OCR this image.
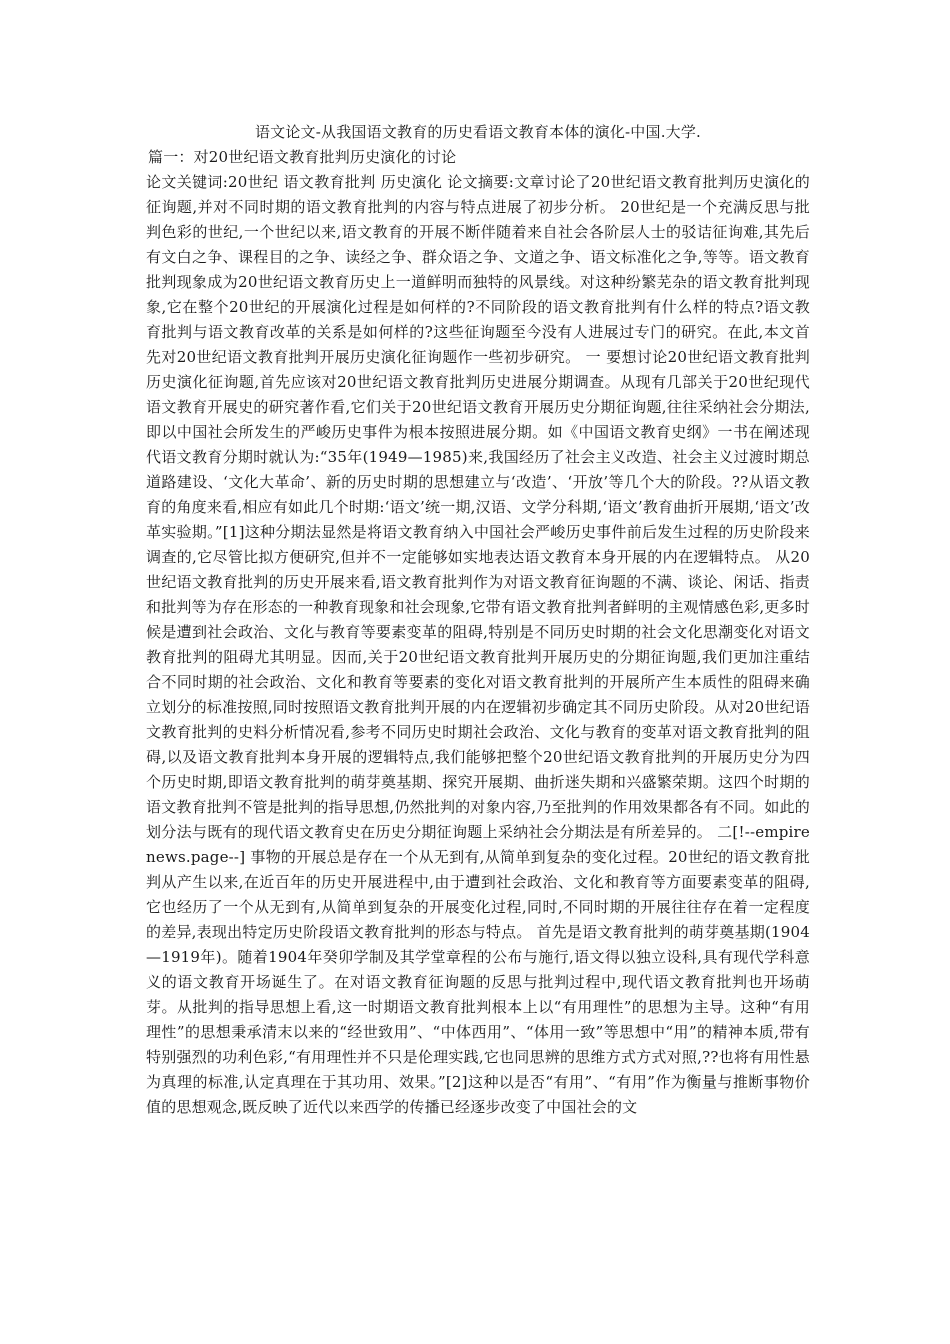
语文论文-从我国语文教育的历史看语文教育本体的演化-中国.大学.

篇一：对20世纪语文教育批判历史演化的讨论

论文关键词:20世纪 语文教育批判 历史演化 论文摘要:文章讨论了20世纪语文教育批判历史演化的征询题,并对不同时期的语文教育批判的内容与特点进展了初步分析。 20世纪是一个充满反思与批判色彩的世纪,一个世纪以来,语文教育的开展不断伴随着来自社会各阶层人士的驳诘征询难,其先后有文白之争、课程目的之争、读经之争、群众语之争、文道之争、语文标准化之争,等等。语文教育批判现象成为20世纪语文教育历史上一道鲜明而独特的风景线。对这种纷繁芜杂的语文教育批判现象,它在整个20世纪的开展演化过程是如何样的?不同阶段的语文教育批判有什么样的特点?语文教育批判与语文教育改革的关系是如何样的?这些征询题至今没有人进展过专门的研究。在此,本文首先对20世纪语文教育批判开展历史演化征询题作一些初步研究。 一 要想讨论20世纪语文教育批判历史演化征询题,首先应该对20世纪语文教育批判历史进展分期调查。从现有几部关于20世纪现代语文教育开展史的研究著作看,它们关于20世纪语文教育开展历史分期征询题,往往采纳社会分期法,即以中国社会所发生的严峻历史事件为根本按照进展分期。如《中国语文教育史纲》一书在阐述现代语文教育分期时就认为:“35年(1949—1985)来,我国经历了社会主义改造、社会主义过渡时期总道路建设、‘文化大革命’、新的历史时期的思想建立与‘改造’、‘开放’等几个大的阶段。??从语文教育的角度来看,相应有如此几个时期:‘语文’统一期,汉语、文学分科期,‘语文’教育曲折开展期,‘语文’改革实验期。”[1]这种分期法显然是将语文教育纳入中国社会严峻历史事件前后发生过程的历史阶段来调查的,它尽管比拟方便研究,但并不一定能够如实地表达语文教育本身开展的内在逻辑特点。 从20世纪语文教育批判的历史开展来看,语文教育批判作为对语文教育征询题的不满、谈论、闲话、指责和批判等为存在形态的一种教育现象和社会现象,它带有语文教育批判者鲜明的主观情感色彩,更多时候是遭到社会政治、文化与教育等要素变革的阻碍,特别是不同历史时期的社会文化思潮变化对语文教育批判的阻碍尤其明显。因而,关于20世纪语文教育批判开展历史的分期征询题,我们更加注重结合不同时期的社会政治、文化和教育等要素的变化对语文教育批判的开展所产生本质性的阻碍来确立划分的标准按照,同时按照语文教育批判开展的内在逻辑初步确定其不同历史阶段。从对20世纪语文教育批判的史料分析情况看,参考不同历史时期社会政治、文化与教育的变革对语文教育批判的阻碍,以及语文教育批判本身开展的逻辑特点,我们能够把整个20世纪语文教育批判的开展历史分为四个历史时期,即语文教育批判的萌芽奠基期、探究开展期、曲折迷失期和兴盛繁荣期。这四个时期的语文教育批判不管是批判的指导思想,仍然批判的对象内容,乃至批判的作用效果都各有不同。如此的划分法与既有的现代语文教育史在历史分期征询题上采纳社会分期法是有所差异的。 二[!--empirenews.page--] 事物的开展总是存在一个从无到有,从简单到复杂的变化过程。20世纪的语文教育批判从产生以来,在近百年的历史开展进程中,由于遭到社会政治、文化和教育等方面要素变革的阻碍,它也经历了一个从无到有,从简单到复杂的开展变化过程,同时,不同时期的开展往往存在着一定程度的差异,表现出特定历史阶段语文教育批判的形态与特点。 首先是语文教育批判的萌芽奠基期(1904—1919年)。随着1904年癸卯学制及其学堂章程的公布与施行,语文得以独立设科,具有现代学科意义的语文教育开场诞生了。在对语文教育征询题的反思与批判过程中,现代语文教育批判也开场萌芽。从批判的指导思想上看,这一时期语文教育批判根本上以“有用理性”的思想为主导。这种“有用理性”的思想秉承清末以来的“经世致用”、“中体西用”、“体用一致”等思想中“用”的精神本质,带有特别强烈的功利色彩,“有用理性并不只是伦理实践,它也同思辨的思维方式方式对照,??也将有用性悬为真理的标准,认定真理在于其功用、效果。”[2]这种以是否“有用”、“有用”作为衡量与推断事物价值的思想观念,既反映了近代以来西学的传播已经逐步改变了中国社会的文
